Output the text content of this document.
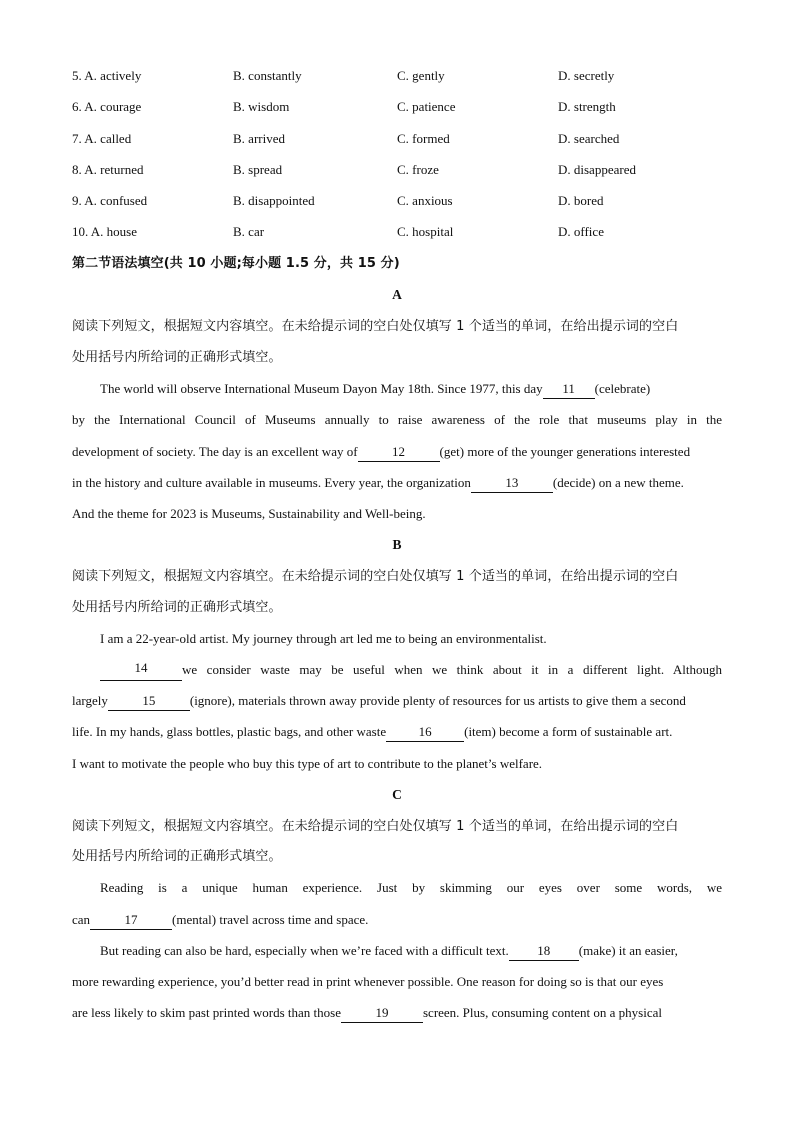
5. A. actively	B. constantly	C. gently	D. secretly
6. A. courage	B. wisdom	C. patience	D. strength
7. A. called	B. arrived	C. formed	D. searched
8. A. returned	B. spread	C. froze	D. disappeared
9. A. confused	B. disappointed	C. anxious	D. bored
10. A. house	B. car	C. hospital	D. office
第二节语法填空(共 10 小题;每小题 1.5 分，共 15 分)
A
阅读下列短文，根据短文内容填空。在未给提示词的空白处仅填写 1 个适当的单词，在给出提示词的空白
处用括号内所给词的正确形式填空。
The world will observe International Museum Dayon May 18th. Since 1977, this day 11 (celebrate)
by the International Council of Museums annually to raise awareness of the role that museums play in the
development of society. The day is an excellent way of	12	(get) more of the younger generations interested
in the history and culture available in museums. Every year, the organization	13	(decide) on a new theme.
And the theme for 2023 is Museums, Sustainability and Well-being.
B
阅读下列短文，根据短文内容填空。在未给提示词的空白处仅填写 1 个适当的单词，在给出提示词的空白
处用括号内所给词的正确形式填空。
I am a 22-year-old artist. My journey through art led me to being an environmentalist.
14	we consider waste may be useful when we think about it in a different light. Although
largely	15	(ignore), materials thrown away provide plenty of resources for us artists to give them a second
life. In my hands, glass bottles, plastic bags, and other waste	16	(item) become a form of sustainable art.
I want to motivate the people who buy this type of art to contribute to the planet’s welfare.
C
阅读下列短文，根据短文内容填空。在未给提示词的空白处仅填写 1 个适当的单词，在给出提示词的空白
处用括号内所给词的正确形式填空。
Reading is a unique human experience. Just by skimming our eyes over some words, we
can	17	(mental) travel across time and space.
But reading can also be hard, especially when we’re faced with a difficult text. 18 (make) it an easier,
more rewarding experience, you’d better read in print whenever possible. One reason for doing so is that our eyes
are less likely to skim past printed words than those	19	screen. Plus, consuming content on a physical
